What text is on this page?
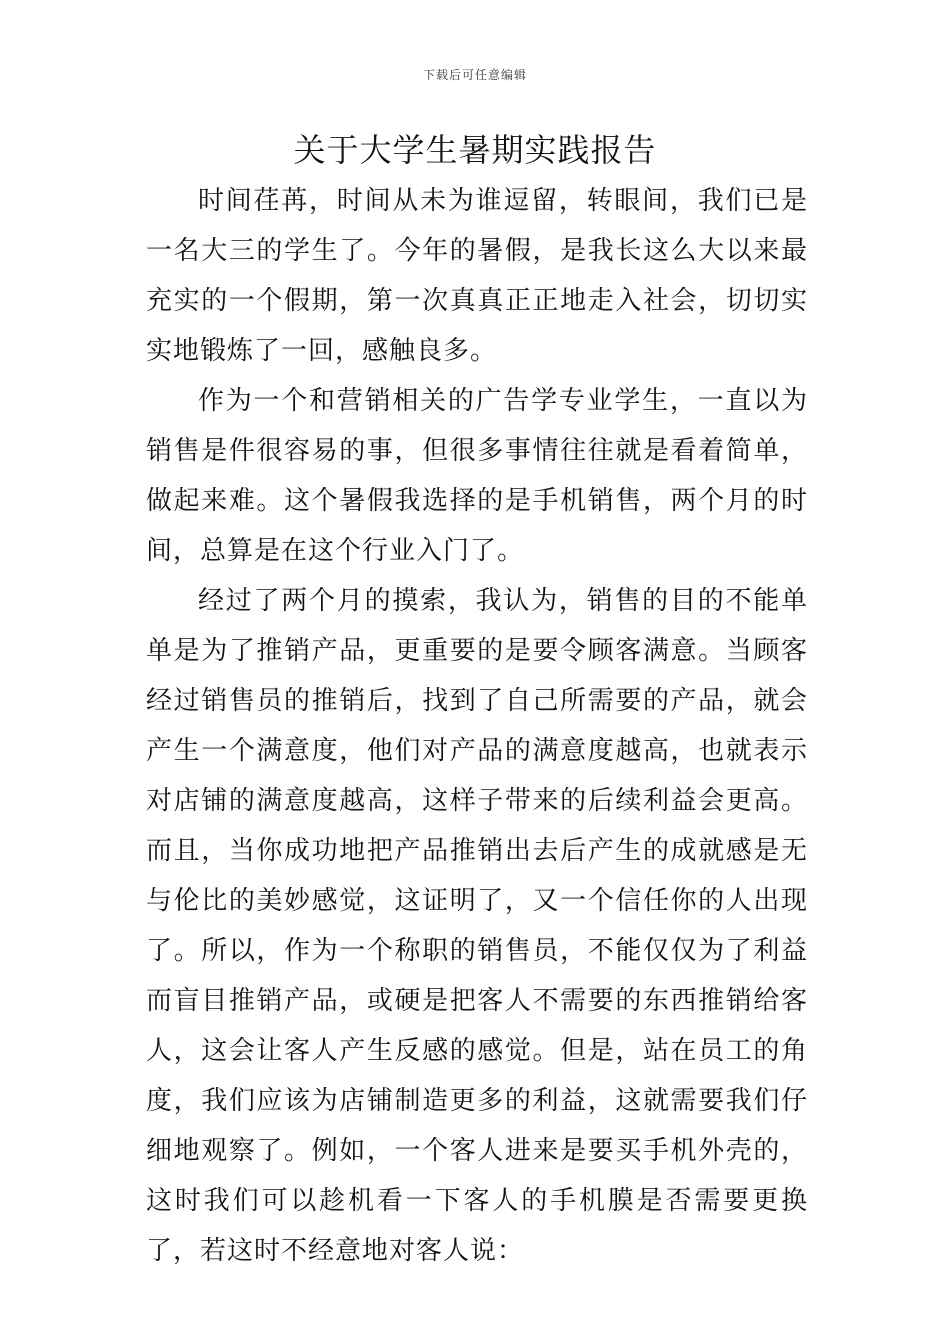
下载后可任意编辑
关于大学生暑期实践报告

时间荏苒，时间从未为谁逗留，转眼间，我们已是一名大三的学生了。今年的暑假，是我长这么大以来最充实的一个假期，第一次真真正正地走入社会，切切实实地锻炼了一回，感触良多。

作为一个和营销相关的广告学专业学生，一直以为销售是件很容易的事，但很多事情往往就是看着简单，做起来难。这个暑假我选择的是手机销售，两个月的时间，总算是在这个行业入门了。

经过了两个月的摸索，我认为，销售的目的不能单单是为了推销产品，更重要的是要令顾客满意。当顾客经过销售员的推销后，找到了自己所需要的产品，就会产生一个满意度，他们对产品的满意度越高，也就表示对店铺的满意度越高，这样子带来的后续利益会更高。而且，当你成功地把产品推销出去后产生的成就感是无与伦比的美妙感觉，这证明了，又一个信任你的人出现了。所以，作为一个称职的销售员，不能仅仅为了利益而盲目推销产品，或硬是把客人不需要的东西推销给客人，这会让客人产生反感的感觉。但是，站在员工的角度，我们应该为店铺制造更多的利益，这就需要我们仔细地观察了。例如，一个客人进来是要买手机外壳的，这时我们可以趁机看一下客人的手机膜是否需要更换了，若这时不经意地对客人说：
